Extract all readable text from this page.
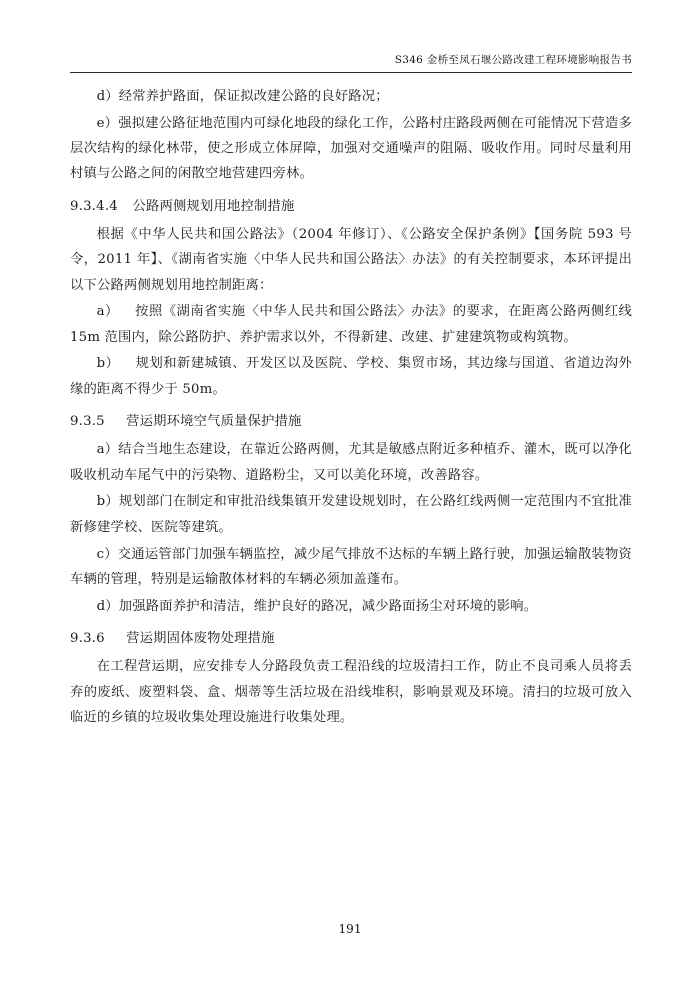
S346 金桥至凤石堰公路改建工程环境影响报告书

d）经常养护路面，保证拟改建公路的良好路况；

e）强拟建公路征地范围内可绿化地段的绿化工作，公路村庄路段两侧在可能情况下营造多层次结构的绿化林带，使之形成立体屏障，加强对交通噪声的阻隔、吸收作用。同时尽量利用村镇与公路之间的闲散空地营建四旁林。

9.3.4.4 公路两侧规划用地控制措施

根据《中华人民共和国公路法》（2004 年修订）、《公路安全保护条例》【国务院 593 号令，2011 年】、《湖南省实施〈中华人民共和国公路法〉办法》的有关控制要求，本环评提出以下公路两侧规划用地控制距离：

a） 按照《湖南省实施〈中华人民共和国公路法〉办法》的要求，在距离公路两侧红线 15m 范围内，除公路防护、养护需求以外，不得新建、改建、扩建建筑物或构筑物。

b） 规划和新建城镇、开发区以及医院、学校、集贸市场，其边缘与国道、省道边沟外缘的距离不得少于 50m。

9.3.5 营运期环境空气质量保护措施

a）结合当地生态建设，在靠近公路两侧，尤其是敏感点附近多种植乔、灌木，既可以净化吸收机动车尾气中的污染物、道路粉尘，又可以美化环境，改善路容。

b）规划部门在制定和审批沿线集镇开发建设规划时，在公路红线两侧一定范围内不宜批准新修建学校、医院等建筑。

c）交通运管部门加强车辆监控，减少尾气排放不达标的车辆上路行驶，加强运输散装物资车辆的管理，特别是运输散体材料的车辆必须加盖蓬布。

d）加强路面养护和清洁，维护良好的路况，减少路面扬尘对环境的影响。

9.3.6 营运期固体废物处理措施

在工程营运期，应安排专人分路段负责工程沿线的垃圾清扫工作，防止不良司乘人员将丢弃的废纸、废塑料袋、盒、烟蒂等生活垃圾在沿线堆积，影响景观及环境。清扫的垃圾可放入临近的乡镇的垃圾收集处理设施进行收集处理。

191
